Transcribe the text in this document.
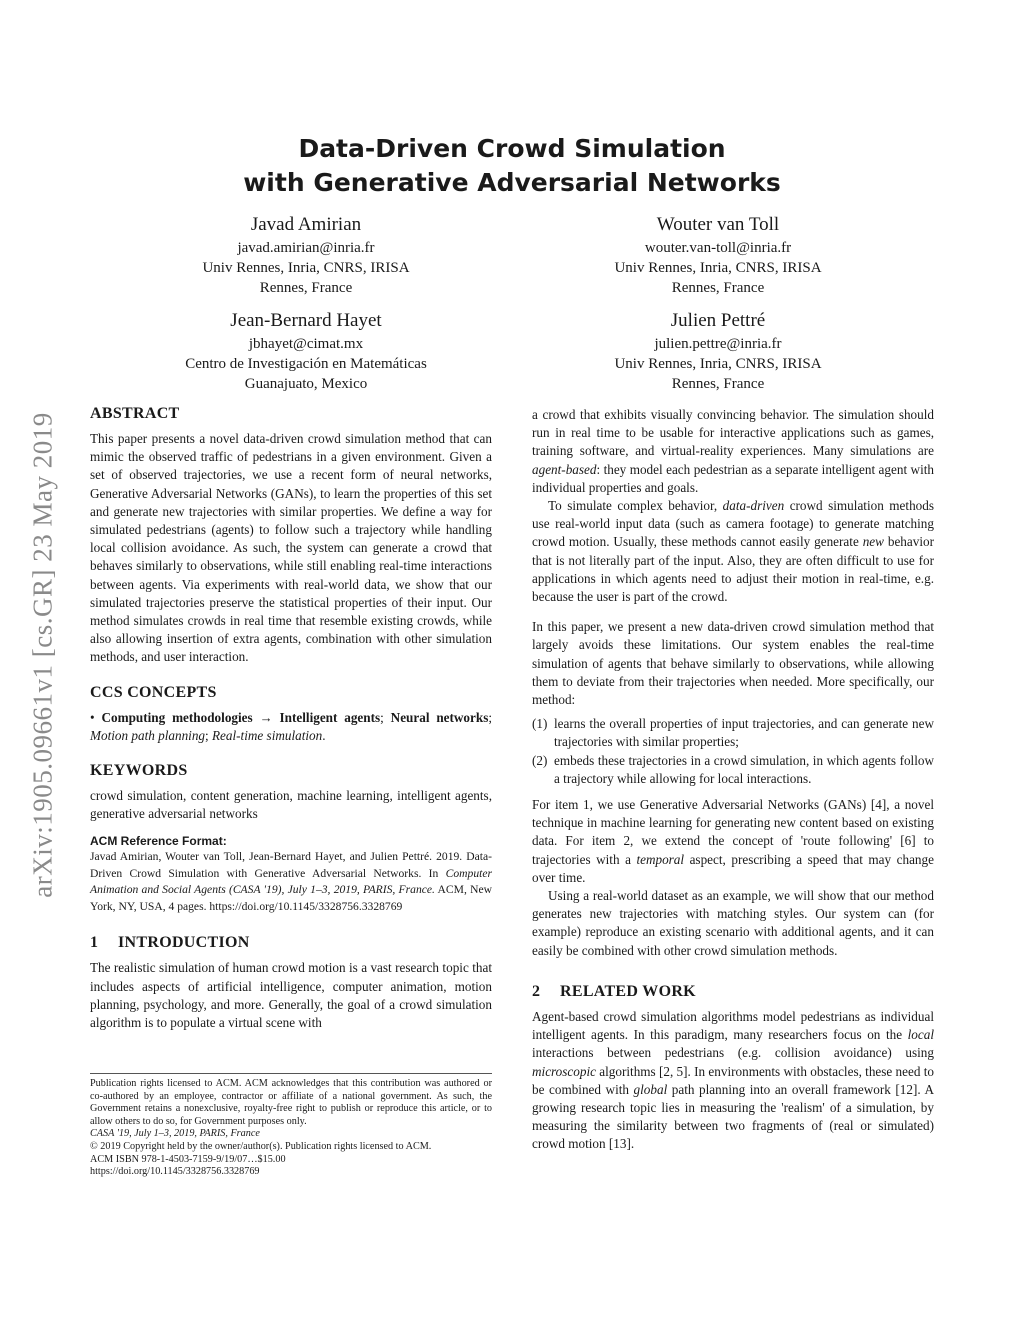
arXiv:1905.09661v1 [cs.GR] 23 May 2019
Data-Driven Crowd Simulation
with Generative Adversarial Networks
Javad Amirian
javad.amirian@inria.fr
Univ Rennes, Inria, CNRS, IRISA
Rennes, France
Wouter van Toll
wouter.van-toll@inria.fr
Univ Rennes, Inria, CNRS, IRISA
Rennes, France
Jean-Bernard Hayet
jbhayet@cimat.mx
Centro de Investigación en Matemáticas
Guanajuato, Mexico
Julien Pettré
julien.pettre@inria.fr
Univ Rennes, Inria, CNRS, IRISA
Rennes, France
ABSTRACT

This paper presents a novel data-driven crowd simulation method that can mimic the observed traffic of pedestrians in a given environment. Given a set of observed trajectories, we use a recent form of neural networks, Generative Adversarial Networks (GANs), to learn the properties of this set and generate new trajectories with similar properties. We define a way for simulated pedestrians (agents) to follow such a trajectory while handling local collision avoidance. As such, the system can generate a crowd that behaves similarly to observations, while still enabling real-time interactions between agents. Via experiments with real-world data, we show that our simulated trajectories preserve the statistical properties of their input. Our method simulates crowds in real time that resemble existing crowds, while also allowing insertion of extra agents, combination with other simulation methods, and user interaction.

CCS CONCEPTS

• Computing methodologies → Intelligent agents; Neural networks; Motion path planning; Real-time simulation.

KEYWORDS

crowd simulation, content generation, machine learning, intelligent agents, generative adversarial networks

ACM Reference Format:

Javad Amirian, Wouter van Toll, Jean-Bernard Hayet, and Julien Pettré. 2019. Data-Driven Crowd Simulation with Generative Adversarial Networks. In Computer Animation and Social Agents (CASA '19), July 1–3, 2019, PARIS, France. ACM, New York, NY, USA, 4 pages. https://doi.org/10.1145/3328756.3328769

1 INTRODUCTION

The realistic simulation of human crowd motion is a vast research topic that includes aspects of artificial intelligence, computer animation, motion planning, psychology, and more. Generally, the goal of a crowd simulation algorithm is to populate a virtual scene with

Publication rights licensed to ACM. ACM acknowledges that this contribution was authored or co-authored by an employee, contractor or affiliate of a national government. As such, the Government retains a nonexclusive, royalty-free right to publish or reproduce this article, or to allow others to do so, for Government purposes only.

CASA '19, July 1–3, 2019, PARIS, France

© 2019 Copyright held by the owner/author(s). Publication rights licensed to ACM.

ACM ISBN 978-1-4503-7159-9/19/07…$15.00

https://doi.org/10.1145/3328756.3328769

a crowd that exhibits visually convincing behavior. The simulation should run in real time to be usable for interactive applications such as games, training software, and virtual-reality experiences. Many simulations are agent-based: they model each pedestrian as a separate intelligent agent with individual properties and goals.

To simulate complex behavior, data-driven crowd simulation methods use real-world input data (such as camera footage) to generate matching crowd motion. Usually, these methods cannot easily generate new behavior that is not literally part of the input. Also, they are often difficult to use for applications in which agents need to adjust their motion in real-time, e.g. because the user is part of the crowd.

In this paper, we present a new data-driven crowd simulation method that largely avoids these limitations. Our system enables the real-time simulation of agents that behave similarly to observations, while allowing them to deviate from their trajectories when needed. More specifically, our method:

(1) learns the overall properties of input trajectories, and can generate new trajectories with similar properties;
(2) embeds these trajectories in a crowd simulation, in which agents follow a trajectory while allowing for local interactions.

For item 1, we use Generative Adversarial Networks (GANs) [4], a novel technique in machine learning for generating new content based on existing data. For item 2, we extend the concept of 'route following' [6] to trajectories with a temporal aspect, prescribing a speed that may change over time.

Using a real-world dataset as an example, we will show that our method generates new trajectories with matching styles. Our system can (for example) reproduce an existing scenario with additional agents, and it can easily be combined with other crowd simulation methods.

2 RELATED WORK

Agent-based crowd simulation algorithms model pedestrians as individual intelligent agents. In this paradigm, many researchers focus on the local interactions between pedestrians (e.g. collision avoidance) using microscopic algorithms [2, 5]. In environments with obstacles, these need to be combined with global path planning into an overall framework [12]. A growing research topic lies in measuring the 'realism' of a simulation, by measuring the similarity between two fragments of (real or simulated) crowd motion [13].
